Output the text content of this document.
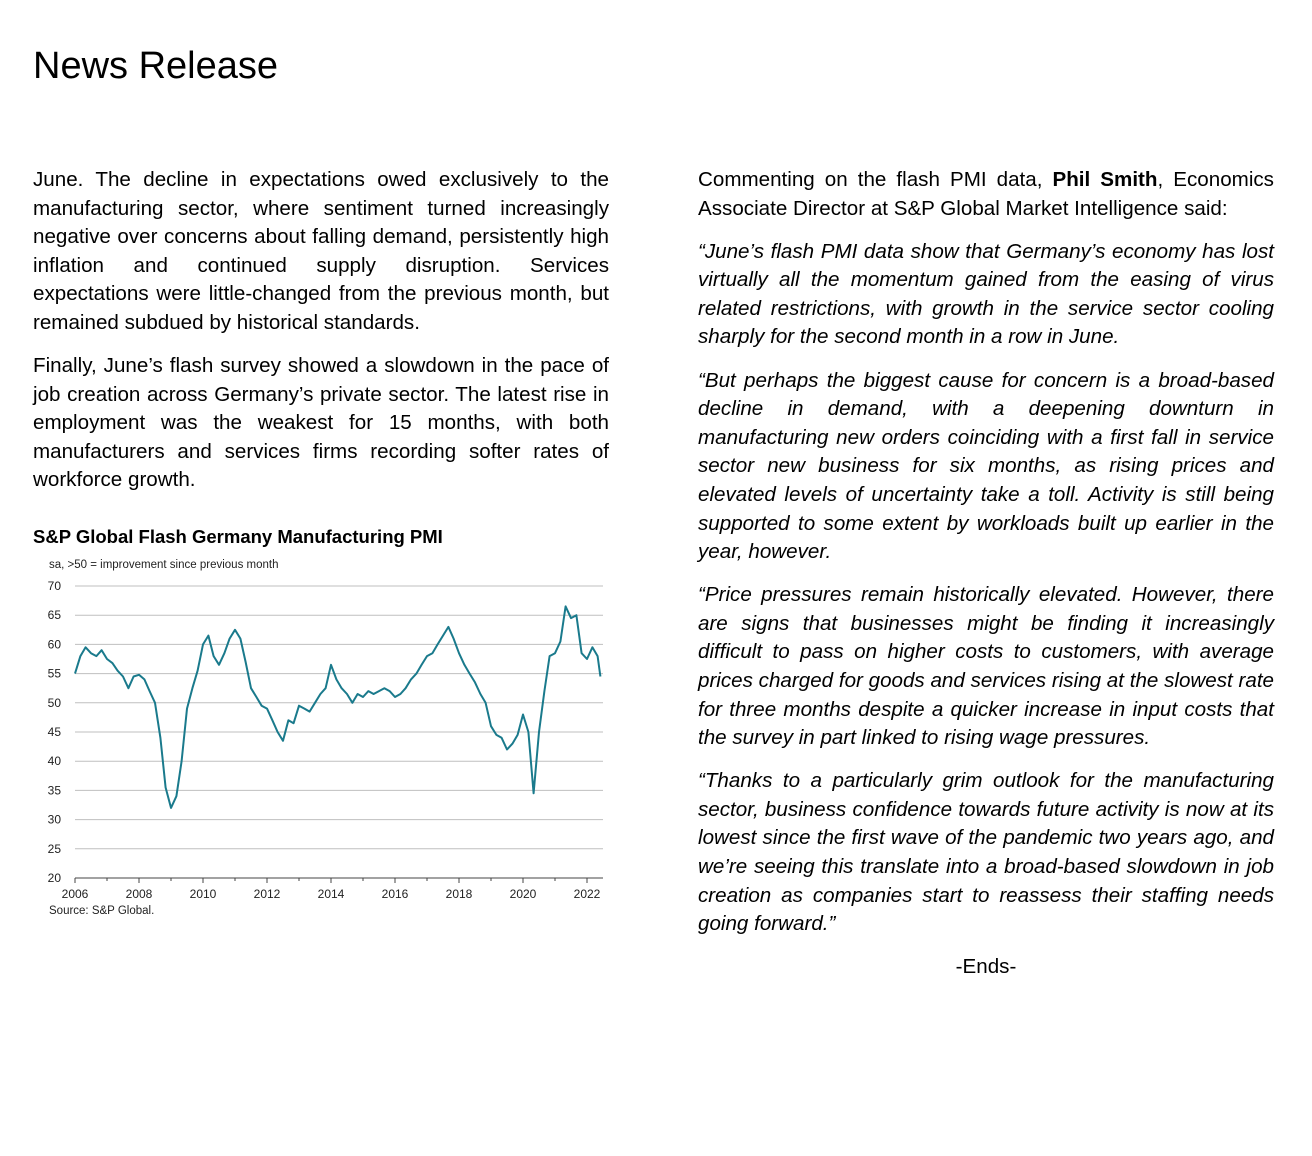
News Release

June. The decline in expectations owed exclusively to the manufacturing sector, where sentiment turned increasingly negative over concerns about falling demand, persistently high inflation and continued supply disruption. Services expectations were little-changed from the previous month, but remained subdued by historical standards.

Finally, June’s flash survey showed a slowdown in the pace of job creation across Germany’s private sector. The latest rise in employment was the weakest for 15 months, with both manufacturers and services firms recording softer rates of workforce growth.

S&P Global Flash Germany Manufacturing PMI
sa, >50 = improvement since previous month
20
25
30
35
40
45
50
55
60
65
70
2006	2008	2010	2012	2014	2016	2018	2020	2022
Source: S&P Global.

Commenting on the flash PMI data, Phil Smith, Economics Associate Director at S&P Global Market Intelligence said:

“June’s flash PMI data show that Germany’s economy has lost virtually all the momentum gained from the easing of virus related restrictions, with growth in the service sector cooling sharply for the second month in a row in June.

“But perhaps the biggest cause for concern is a broad-based decline in demand, with a deepening downturn in manufacturing new orders coinciding with a first fall in service sector new business for six months, as rising prices and elevated levels of uncertainty take a toll. Activity is still being supported to some extent by workloads built up earlier in the year, however.

“Price pressures remain historically elevated. However, there are signs that businesses might be finding it increasingly difficult to pass on higher costs to customers, with average prices charged for goods and services rising at the slowest rate for three months despite a quicker increase in input costs that the survey in part linked to rising wage pressures.

“Thanks to a particularly grim outlook for the manufacturing sector, business confidence towards future activity is now at its lowest since the first wave of the pandemic two years ago, and we’re seeing this translate into a broad-based slowdown in job creation as companies start to reassess their staffing needs going forward.”

-Ends-
